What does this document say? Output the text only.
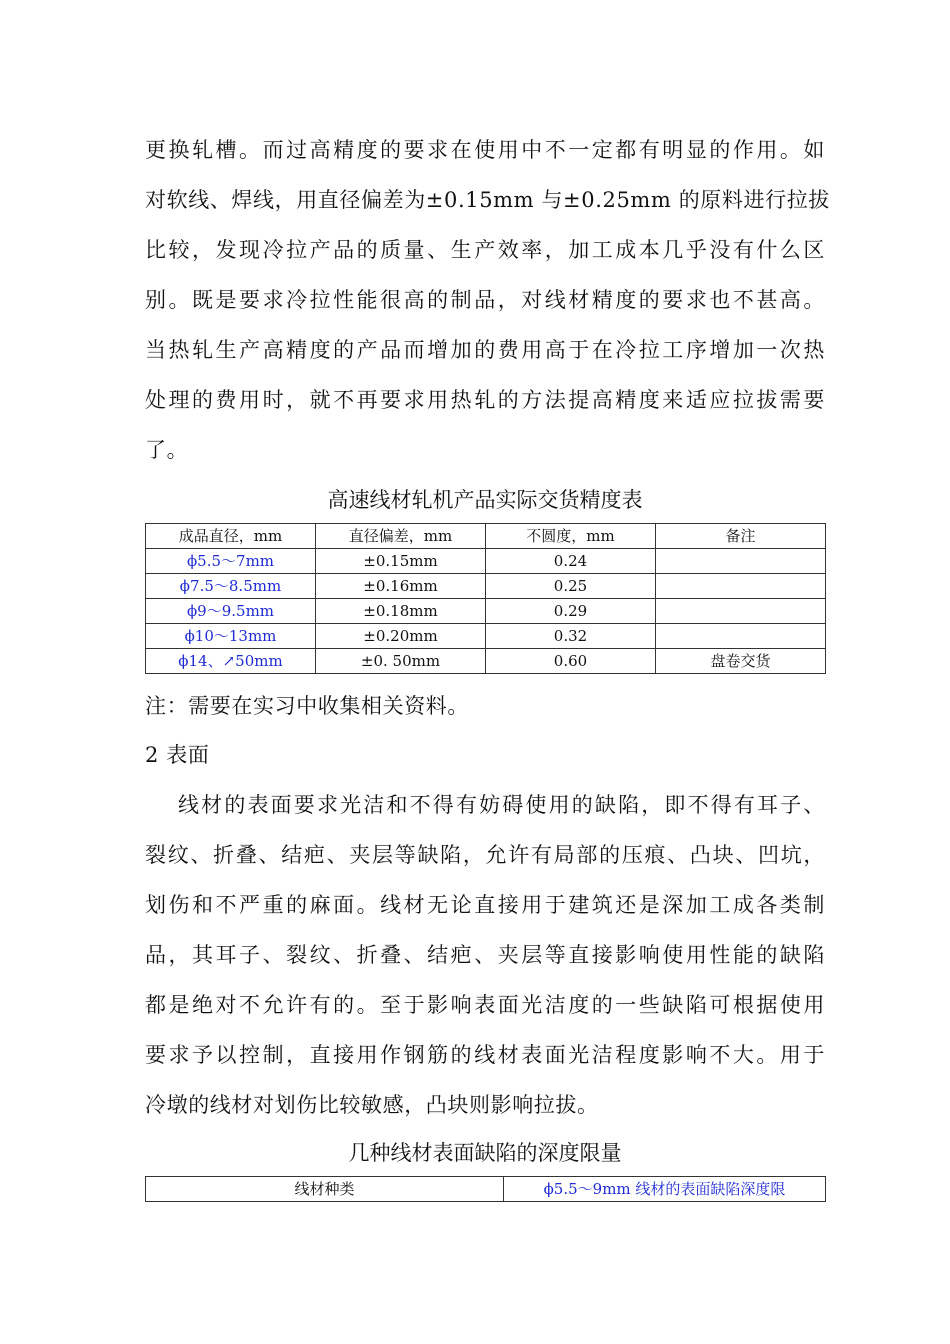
更换轧槽。而过高精度的要求在使用中不一定都有明显的作用。如
对软线、焊线，用直径偏差为±0.15mm 与±0.25mm 的原料进行拉拔
比较，发现冷拉产品的质量、生产效率，加工成本几乎没有什么区
别。既是要求冷拉性能很高的制品，对线材精度的要求也不甚高。
当热轧生产高精度的产品而增加的费用高于在冷拉工序增加一次热
处理的费用时，就不再要求用热轧的方法提高精度来适应拉拔需要
了。
高速线材轧机产品实际交货精度表
成品直径，mm	直径偏差，mm	不圆度，mm	备注
ϕ5.5～7mm	±0.15mm	0.24	
ϕ7.5～8.5mm	±0.16mm	0.25	
ϕ9～9.5mm	±0.18mm	0.29	
ϕ10～13mm	±0.20mm	0.32	
ϕ14、↗50mm	±0. 50mm	0.60	盘卷交货
注：需要在实习中收集相关资料。
2 表面
线材的表面要求光洁和不得有妨碍使用的缺陷，即不得有耳子、
裂纹、折叠、结疤、夹层等缺陷，允许有局部的压痕、凸块、凹坑，
划伤和不严重的麻面。线材无论直接用于建筑还是深加工成各类制
品，其耳子、裂纹、折叠、结疤、夹层等直接影响使用性能的缺陷
都是绝对不允许有的。至于影响表面光洁度的一些缺陷可根据使用
要求予以控制，直接用作钢筋的线材表面光洁程度影响不大。用于
冷墩的线材对划伤比较敏感，凸块则影响拉拔。
几种线材表面缺陷的深度限量
线材种类	ϕ5.5～9mm 线材的表面缺陷深度限
